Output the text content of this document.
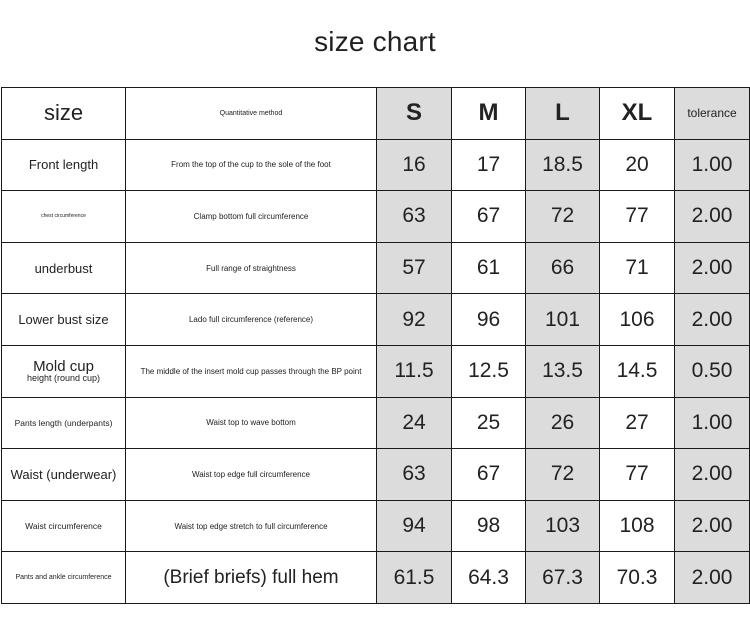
size chart
size	Quantitative method	S	M	L	XL	tolerance
Front length	From the top of the cup to the sole of the foot	16	17	18.5	20	1.00
chest circumference	Clamp bottom full circumference	63	67	72	77	2.00
underbust	Full range of straightness	57	61	66	71	2.00
Lower bust size	Lado full circumference (reference)	92	96	101	106	2.00

Mold cup
height (round cup)	The middle of the insert mold cup passes through the BP point	11.5	12.5	13.5	14.5	0.50
Pants length (underpants)	Waist top to wave bottom	24	25	26	27	1.00
Waist (underwear)	Waist top edge full circumference	63	67	72	77	2.00
Waist circumference	Waist top edge stretch to full circumference	94	98	103	108	2.00
Pants and ankle circumference	(Brief briefs) full hem	61.5	64.3	67.3	70.3	2.00
